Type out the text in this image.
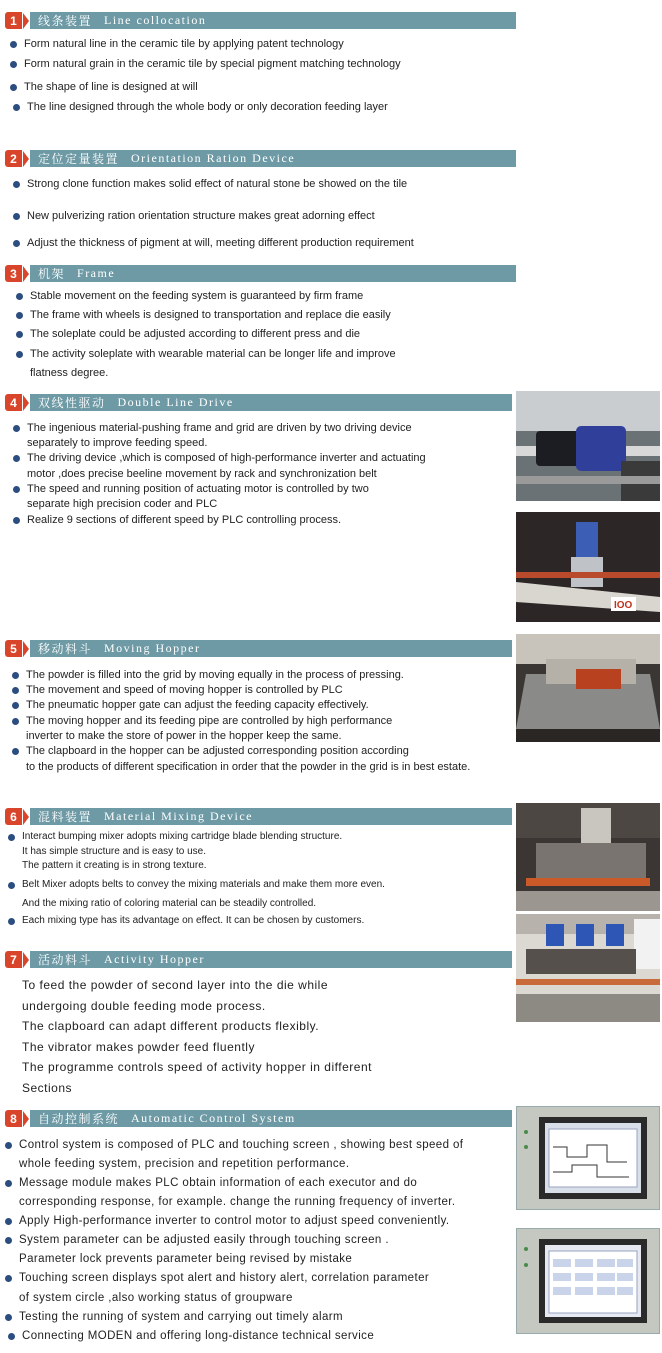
1	线条装置 Line collocation
Form natural line in the ceramic tile by applying patent technology
Form natural grain in the ceramic tile by special pigment matching technology
The shape of line is designed at will
The line designed through the whole body or only decoration feeding layer
2	定位定量装置 Orientation Ration Device
Strong clone function makes solid effect of natural stone be showed on the tile
New pulverizing ration orientation structure makes great adorning effect
Adjust the thickness of pigment at will, meeting different production requirement
3	机架 Frame
Stable movement on the feeding system is guaranteed by firm frame
The frame with wheels is designed to transportation and replace die easily
The soleplate could be adjusted according to different press and die
The activity soleplate with wearable material can be longer life and improve
flatness degree.
4	双线性驱动 Double Line Drive
The ingenious material-pushing frame and grid are driven by two driving device
separately to improve feeding speed.
The driving device ,which is composed of high-performance inverter and actuating
motor ,does precise beeline movement by rack and synchronization belt
The speed and running position of actuating motor is controlled by two
separate high precision coder and PLC
Realize 9 sections of different speed by PLC controlling process.
IOO
5	移动料斗 Moving Hopper
The powder is filled into the grid by moving equally in the process of pressing.
The movement and speed of moving hopper is controlled by PLC
The pneumatic hopper gate can adjust the feeding capacity effectively.
The moving hopper and its feeding pipe are controlled by high performance
inverter to make the store of power in the hopper keep the same.
The clapboard in the hopper can be adjusted corresponding position according
to the products of different specification in order that the powder in the grid is in best estate.
6	混料装置 Material Mixing Device
Interact bumping mixer adopts mixing cartridge blade blending structure.
It has simple structure and is easy to use.
The pattern it creating is in strong texture.
Belt Mixer adopts belts to convey the mixing materials and make them more even.
And the mixing ratio of coloring material can be steadily controlled.
Each mixing type has its advantage on effect. It can be chosen by customers.
7	活动料斗 Activity Hopper
To feed the powder of second layer into the die while
undergoing double feeding mode process.
The clapboard can adapt different products flexibly.
The vibrator makes powder feed fluently
The programme controls speed of activity hopper in different
Sections
8	自动控制系统 Automatic Control System
Control system is composed of PLC and touching screen , showing best speed of
whole feeding system, precision and repetition performance.
Message module makes PLC obtain information of each executor and do
corresponding response, for example. change the running frequency of inverter.
Apply High-performance inverter to control motor to adjust speed conveniently.
System parameter can be adjusted easily through touching screen .
Parameter lock prevents parameter being revised by mistake
Touching screen displays spot alert and history alert, correlation parameter
of system circle ,also working status of groupware
Testing the running of system and carrying out timely alarm
Connecting MODEN and offering long-distance technical service
